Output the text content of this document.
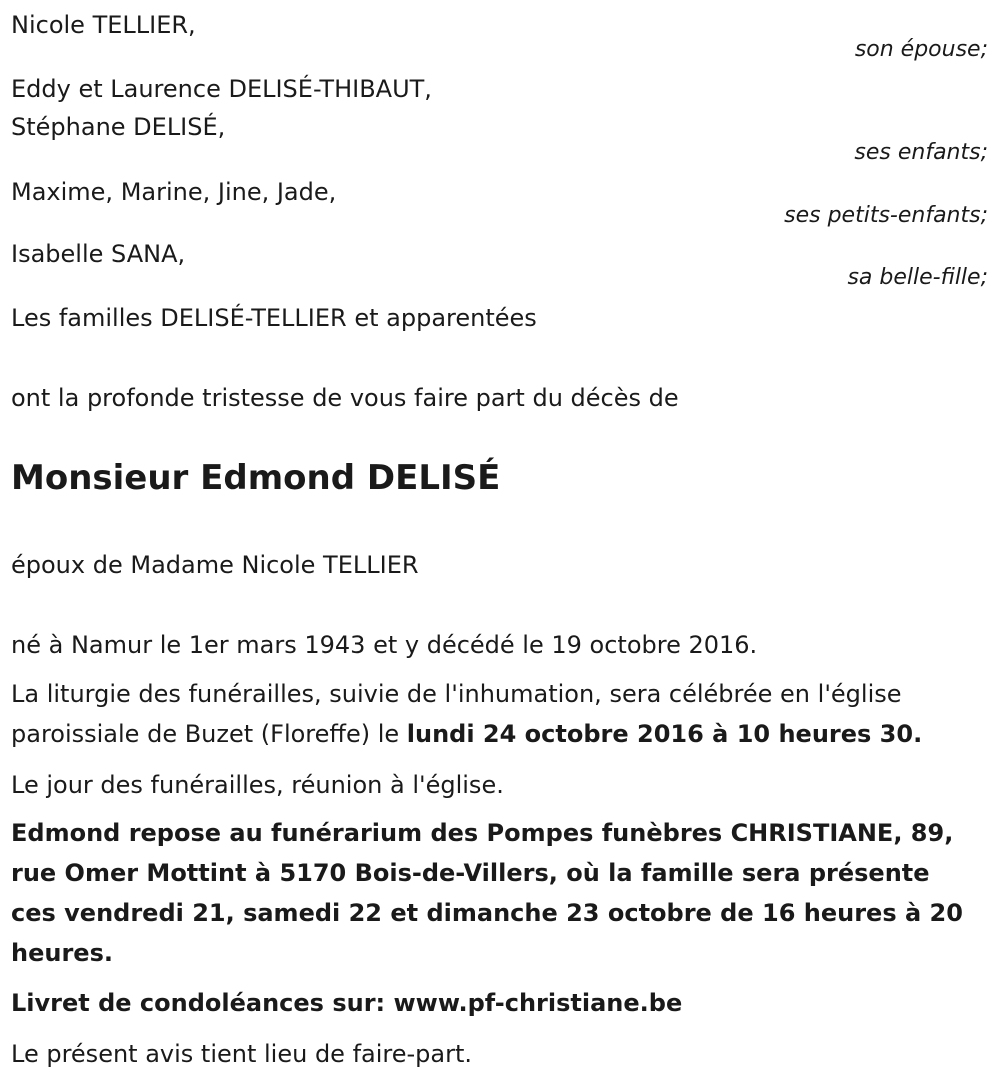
Nicole TELLIER,
son épouse;
Eddy et Laurence DELISÉ-THIBAUT,
Stéphane DELISÉ,
ses enfants;
Maxime, Marine, Jine, Jade,
ses petits-enfants;
Isabelle SANA,
sa belle-fille;
Les familles DELISÉ-TELLIER et apparentées
ont la profonde tristesse de vous faire part du décès de
Monsieur Edmond DELISÉ
époux de Madame Nicole TELLIER
né à Namur le 1er mars 1943 et y décédé le 19 octobre 2016.
La liturgie des funérailles, suivie de l'inhumation, sera célébrée en l'église
paroissiale de Buzet (Floreffe) le lundi 24 octobre 2016 à 10 heures 30.
Le jour des funérailles, réunion à l'église.
Edmond repose au funérarium des Pompes funèbres CHRISTIANE, 89,
rue Omer Mottint à 5170 Bois-de-Villers, où la famille sera présente
ces vendredi 21, samedi 22 et dimanche 23 octobre de 16 heures à 20
heures.
Livret de condoléances sur: www.pf-christiane.be
Le présent avis tient lieu de faire-part.
